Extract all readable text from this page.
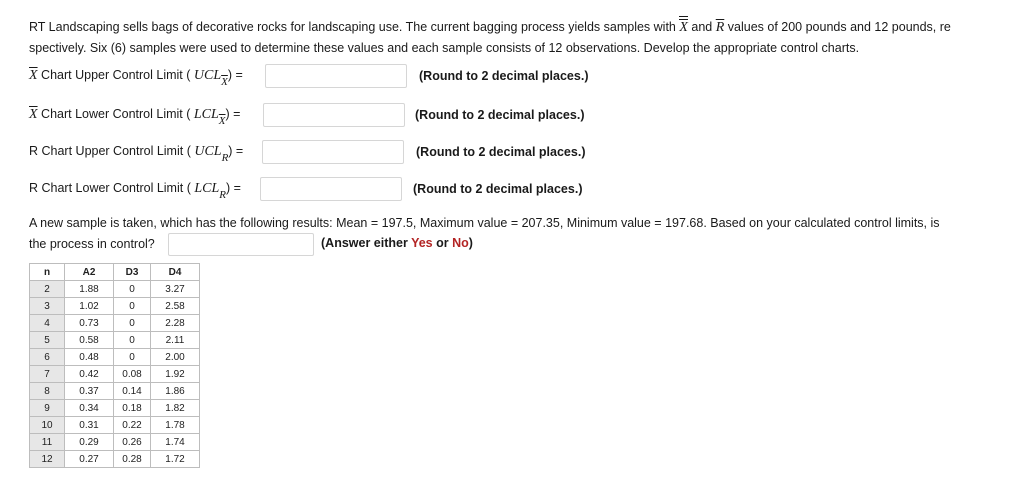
RT Landscaping sells bags of decorative rocks for landscaping use. The current bagging process yields samples with X and $\overline{R}$ values of 200 pounds and 12 pounds, re
spectively. Six (6) samples were used to determine these values and each sample consists of 12 observations. Develop the appropriate control charts.
$\overline{X}$ Chart Upper Control Limit ( $UCL\overline{X}$) =	(Round to 2 decimal places.)
$\overline{X}$ Chart Lower Control Limit ( $LCL\overline{X}$) =	(Round to 2 decimal places.)
R Chart Upper Control Limit ( UCLR) =	(Round to 2 decimal places.)
R Chart Lower Control Limit ( LCLR) =	(Round to 2 decimal places.)
A new sample is taken, which has the following results: Mean = 197.5, Maximum value = 207.35, Minimum value = 197.68. Based on your calculated control limits, is
the process in control?	(Answer either Yes or No)
n	A2	D3	D4
2	1.88	0	3.27
3	1.02	0	2.58
4	0.73	0	2.28
5	0.58	0	2.11
6	0.48	0	2.00
7	0.42	0.08	1.92
8	0.37	0.14	1.86
9	0.34	0.18	1.82
10	0.31	0.22	1.78
11	0.29	0.26	1.74
12	0.27	0.28	1.72
